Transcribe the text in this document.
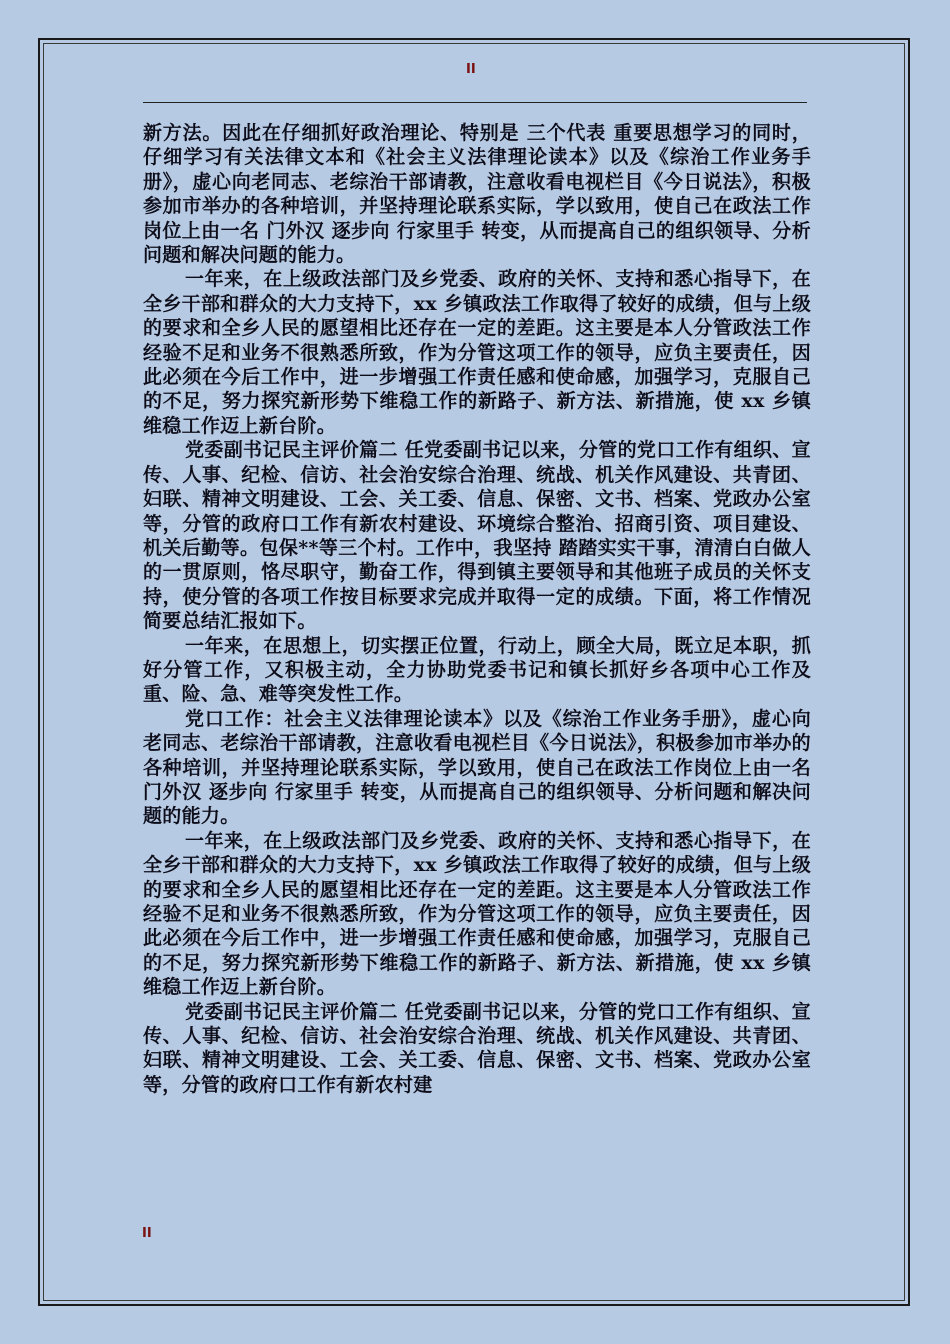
II

新方法。因此在仔细抓好政治理论、特别是 三个代表 重要思想学习的同时，仔细学习有关法律文本和《社会主义法律理论读本》以及《综治工作业务手册》，虚心向老同志、老综治干部请教，注意收看电视栏目《今日说法》，积极参加市举办的各种培训，并坚持理论联系实际，学以致用，使自己在政法工作岗位上由一名 门外汉 逐步向 行家里手 转变，从而提高自己的组织领导、分析问题和解决问题的能力。

一年来，在上级政法部门及乡党委、政府的关怀、支持和悉心指导下，在全乡干部和群众的大力支持下，xx 乡镇政法工作取得了较好的成绩，但与上级的要求和全乡人民的愿望相比还存在一定的差距。这主要是本人分管政法工作经验不足和业务不很熟悉所致，作为分管这项工作的领导，应负主要责任，因此必须在今后工作中，进一步增强工作责任感和使命感，加强学习，克服自己的不足，努力探究新形势下维稳工作的新路子、新方法、新措施，使 xx 乡镇维稳工作迈上新台阶。

党委副书记民主评价篇二 任党委副书记以来，分管的党口工作有组织、宣传、人事、纪检、信访、社会治安综合治理、统战、机关作风建设、共青团、妇联、精神文明建设、工会、关工委、信息、保密、文书、档案、党政办公室等，分管的政府口工作有新农村建设、环境综合整治、招商引资、项目建设、机关后勤等。包保**等三个村。工作中，我坚持 踏踏实实干事，清清白白做人 的一贯原则，恪尽职守，勤奋工作，得到镇主要领导和其他班子成员的关怀支持，使分管的各项工作按目标要求完成并取得一定的成绩。下面，将工作情况简要总结汇报如下。

一年来，在思想上，切实摆正位置，行动上，顾全大局，既立足本职，抓好分管工作，又积极主动，全力协助党委书记和镇长抓好乡各项中心工作及重、险、急、难等突发性工作。

党口工作：社会主义法律理论读本》以及《综治工作业务手册》，虚心向老同志、老综治干部请教，注意收看电视栏目《今日说法》，积极参加市举办的各种培训，并坚持理论联系实际，学以致用，使自己在政法工作岗位上由一名 门外汉 逐步向 行家里手 转变，从而提高自己的组织领导、分析问题和解决问题的能力。

一年来，在上级政法部门及乡党委、政府的关怀、支持和悉心指导下，在全乡干部和群众的大力支持下，xx 乡镇政法工作取得了较好的成绩，但与上级的要求和全乡人民的愿望相比还存在一定的差距。这主要是本人分管政法工作经验不足和业务不很熟悉所致，作为分管这项工作的领导，应负主要责任，因此必须在今后工作中，进一步增强工作责任感和使命感，加强学习，克服自己的不足，努力探究新形势下维稳工作的新路子、新方法、新措施，使 xx 乡镇维稳工作迈上新台阶。

党委副书记民主评价篇二 任党委副书记以来，分管的党口工作有组织、宣传、人事、纪检、信访、社会治安综合治理、统战、机关作风建设、共青团、妇联、精神文明建设、工会、关工委、信息、保密、文书、档案、党政办公室等，分管的政府口工作有新农村建

II
